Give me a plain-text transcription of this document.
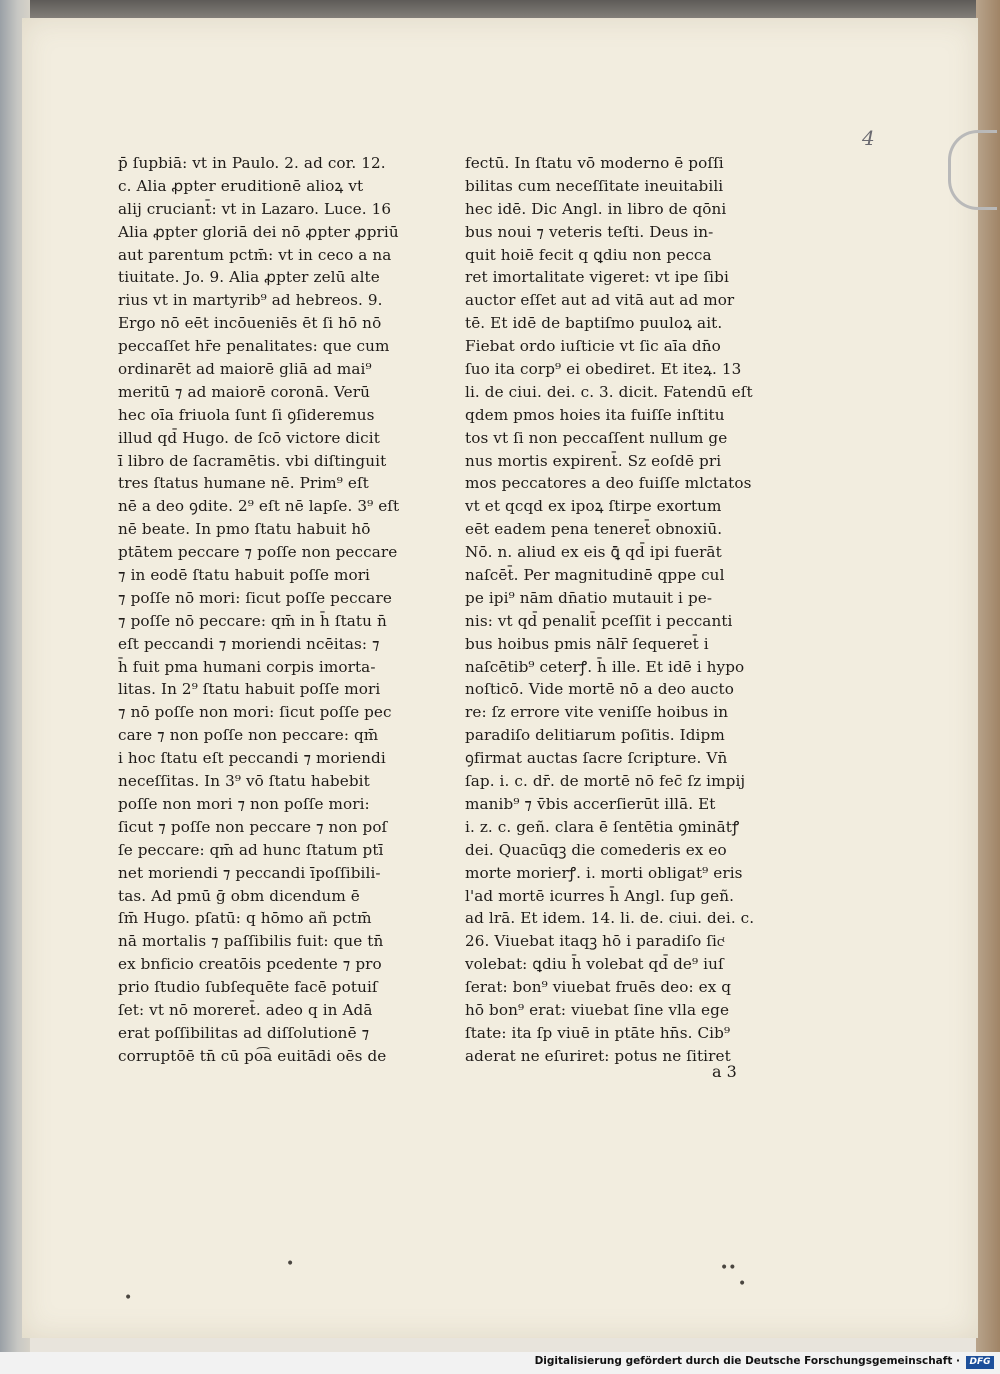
4
p̄ ſupbiā: vt in Paulo. 2. ad cor. 12.
c. Alia ꝓpter eruditionē alioꝝ vt
alij cruciant̄: vt in Lazaro. Luce. 16
Alia ꝓpter gloriā dei nō ꝓpter ꝓpriū
aut parentum pctm̄: vt in ceco a na
tiuitate. Jo. 9. Alia ꝓpter zelū alte
rius vt in martyrib⁹ ad hebreos. 9.
Ergo nō eēt incōueniēs ēt ſi hō nō
peccaſſet hr̄e penalitates: que cum
ordinarēt ad maiorē gliā ad mai⁹
meritū ⁊ ad maiorē coronā. Verū
hec oīa friuola ſunt ſi ꝯſideremus
illud qd̄ Hugo. de ſcō victore dicit
ī libro de ſacramētis. vbi diſtinguit
tres ſtatus humane nē. Prim⁹ eſt
nē a deo ꝯdite. 2⁹ eſt nē lapſe. 3⁹ eſt
nē beate. In pmo ſtatu habuit hō
ptātem peccare ⁊ poſſe non peccare
⁊ in eodē ſtatu habuit poſſe mori
⁊ poſſe nō mori: ſicut poſſe peccare
⁊ poſſe nō peccare: qm̄ in h̄ ſtatu n̄
eſt peccandi ⁊ moriendi ncēitas: ⁊
h̄ fuit pma humani corpis imorta-
litas. In 2⁹ ſtatu habuit poſſe mori
⁊ nō poſſe non mori: ſicut poſſe pec
care ⁊ non poſſe non peccare: qm̄
i hoc ſtatu eſt peccandi ⁊ moriendi
neceſſitas. In 3⁹ vō ſtatu habebit
poſſe non mori ⁊ non poſſe mori:
ſicut ⁊ poſſe non peccare ⁊ non poſ
ſe peccare: qm̄ ad hunc ſtatum ptī
net moriendi ⁊ peccandi īpoſſibili-
tas. Ad pmū ḡ obm dicendum ē
ſm̄ Hugo. pſatū: q hōmo añ pctm̄
nā mortalis ⁊ paſſibilis fuit: que tn̄
ex bnficio creatōis pcedente ⁊ pro
prio ſtudio ſubſequēte facē potuiſ
ſet: vt nō moreret̄. adeo q in Adā
erat poſſibilitas ad diſſolutionē ⁊
corruptōē tn̄ cū po͡a euitādi oēs de
fectū. In ſtatu vō moderno ē poſſi
bilitas cum neceſſitate ineuitabili
hec idē. Dic Angl. in libro de qōni
bus noui ⁊ veteris teſti. Deus in-
quit hoiē fecit q ꝗdiu non pecca
ret imortalitate vigeret: vt ipe ſibi
auctor eſſet aut ad vitā aut ad mor
tē. Et idē de baptiſmo puuloꝝ ait.
Fiebat ordo iuſticie vt ſic aīa dn̄o
ſuo ita corp⁹ ei obediret. Et iteꝝ. 13
li. de ciui. dei. c. 3. dicit. Fatendū eſt
qdem pmos hoies ita fuiſſe inſtitu
tos vt ſi non peccaſſent nullum ge
nus mortis expirent̄. Sz eoſdē pri
mos peccatores a deo fuiſſe mlctatos
vt et qcqd ex ipoꝝ ſtirpe exortum
eēt eadem pena teneret̄ obnoxiū.
Nō. n. aliud ex eis ꝗ̄ qd̄ ipi fuerāt
naſcēt̄. Per magnitudinē qppe cul
pe ipi⁹ nām dn̄atio mutauit i pe-
nis: vt qd̄ penalit̄ pceſſit i peccanti
bus hoibus pmis nālr̄ ſequeret̄ i
naſcētib⁹ ceterꝭ. h̄ ille. Et idē i hypo
noſticō. Vide mortē nō a deo aucto
re: ſz errore vite veniſſe hoibus in
paradiſo delitiarum poſitis. Idipm
ꝯfirmat auctas ſacre ſcripture. Vn̄
ſap. i. c. dr̄. de mortē nō fec̄ ſz impij
manib⁹ ⁊ v̄bis accerſierūt illā. Et
i. z. c. geñ. clara ē ſentētia ꝯminātꝭ
dei. Quacūqꝫ die comederis ex eo
morte morierꝭ. i. morti obligat⁹ eris
l'ad mortē icurres h̄ Angl. ſup geñ.
ad lrā. Et idem. 14. li. de. ciui. dei. c.
26. Viuebat itaqꝫ hō i paradiſo ſicͭ
volebat: ꝗdiu h̄ volebat qd̄ de⁹ iuſ
ſerat: bon⁹ viuebat fruēs deo: ex q
hō bon⁹ erat: viuebat ſine vlla ege
ſtate: ita ſp viuē in ptāte hn̄s. Cib⁹
aderat ne eſuriret: potus ne ſitiret
a 3
•
•
••
•
Digitalisierung gefördert durch die Deutsche Forschungsgemeinschaft ·	DFG
